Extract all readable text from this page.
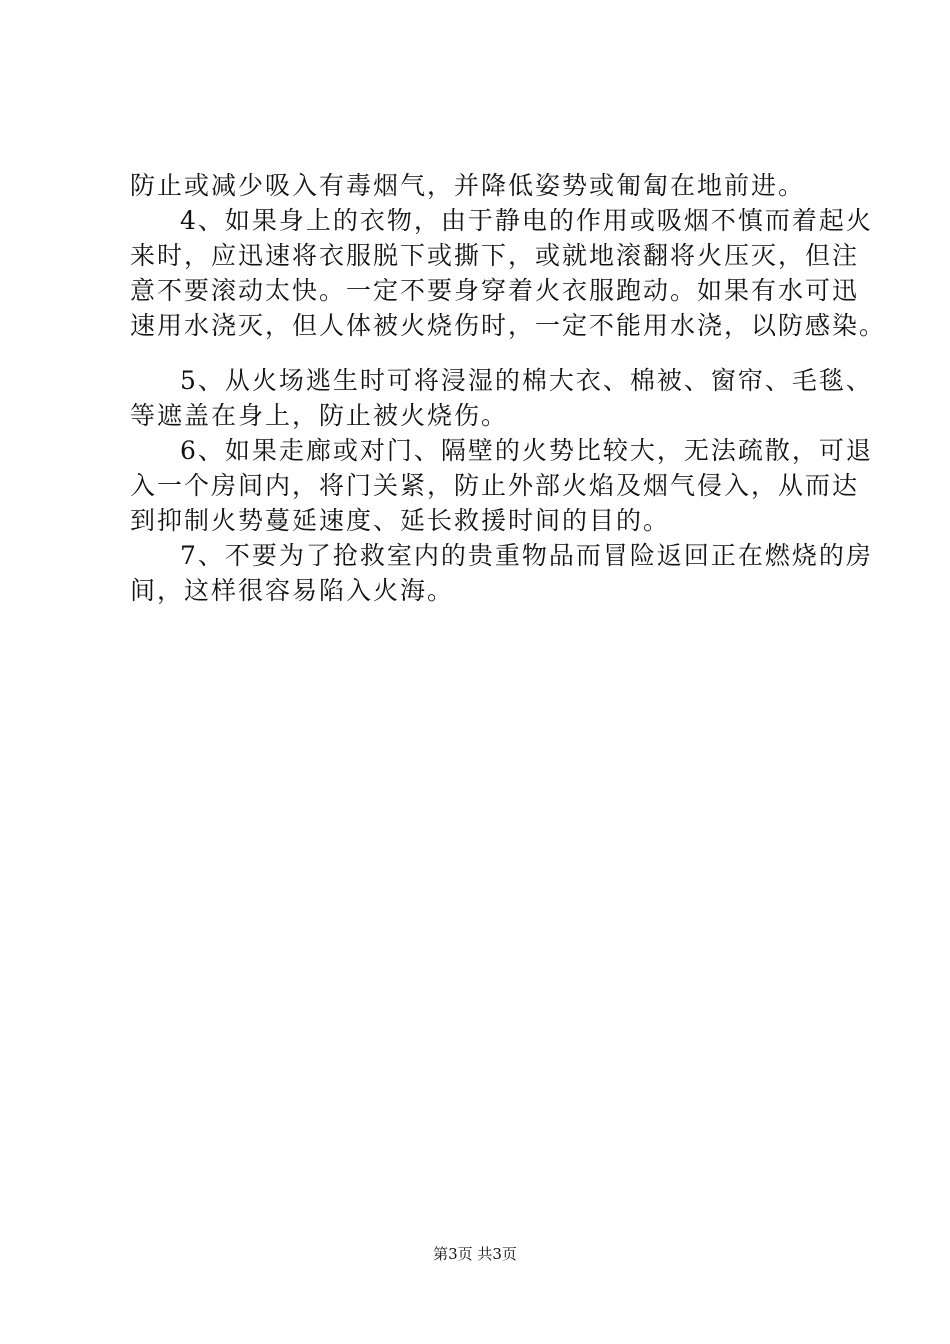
防止或减少吸入有毒烟气，并降低姿势或匍匐在地前进。
4、如果身上的衣物，由于静电的作用或吸烟不慎而着起火
来时，应迅速将衣服脱下或撕下，或就地滚翻将火压灭，但注
意不要滚动太快。一定不要身穿着火衣服跑动。如果有水可迅
速用水浇灭，但人体被火烧伤时，一定不能用水浇，以防感染。
5、从火场逃生时可将浸湿的棉大衣、棉被、窗帘、毛毯、
等遮盖在身上，防止被火烧伤。
6、如果走廊或对门、隔壁的火势比较大，无法疏散，可退
入一个房间内，将门关紧，防止外部火焰及烟气侵入，从而达
到抑制火势蔓延速度、延长救援时间的目的。
7、不要为了抢救室内的贵重物品而冒险返回正在燃烧的房
间，这样很容易陷入火海。
第3页 共3页
